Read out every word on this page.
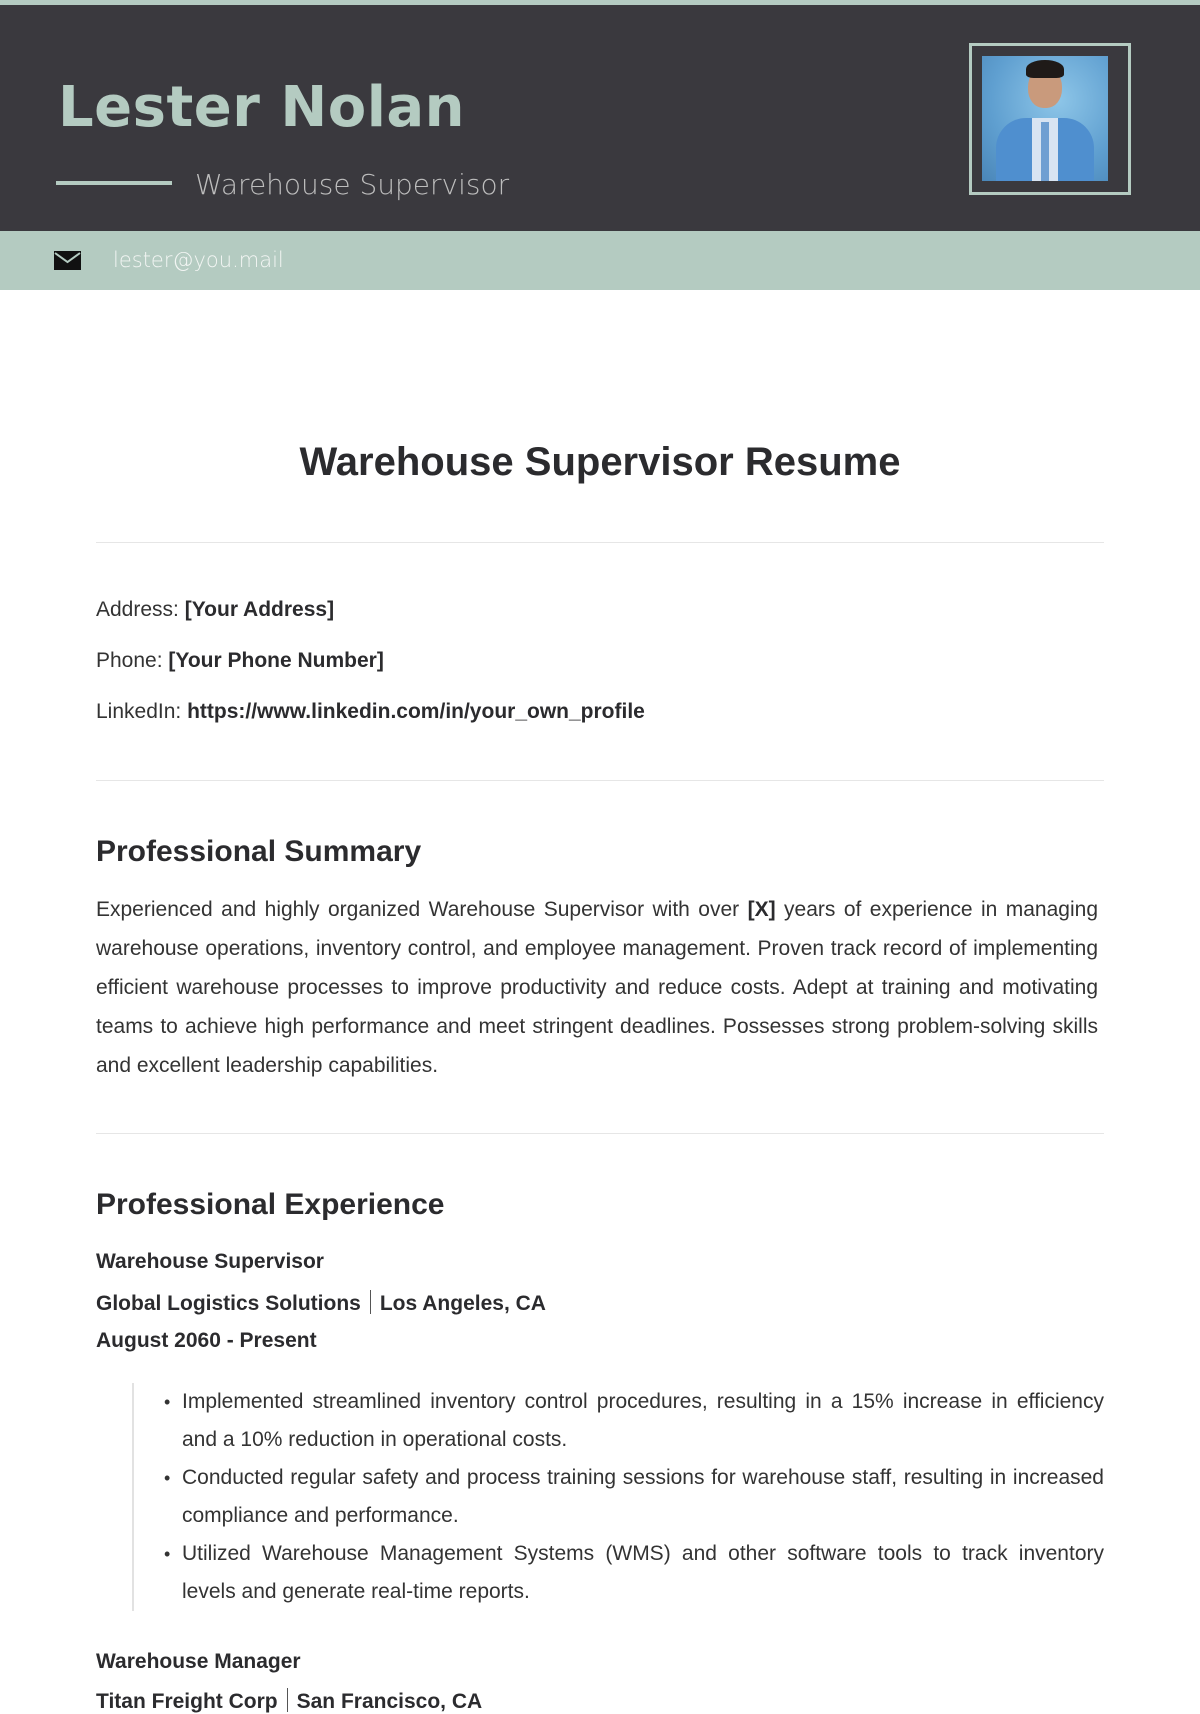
Lester Nolan
Warehouse Supervisor
lester@you.mail
Warehouse Supervisor Resume
Address: [Your Address]
Phone: [Your Phone Number]
LinkedIn: https://www.linkedin.com/in/your_own_profile
Professional Summary

Experienced and highly organized Warehouse Supervisor with over [X] years of experience in managing warehouse operations, inventory control, and employee management. Proven track record of implementing efficient warehouse processes to improve productivity and reduce costs. Adept at training and motivating teams to achieve high performance and meet stringent deadlines. Possesses strong problem-solving skills and excellent leadership capabilities.

Professional Experience
Warehouse Supervisor
Global Logistics Solutions Los Angeles, CA
August 2060 - Present
• Implemented streamlined inventory control procedures, resulting in a 15% increase in efficiency and a 10% reduction in operational costs.
• Conducted regular safety and process training sessions for warehouse staff, resulting in increased compliance and performance.
• Utilized Warehouse Management Systems (WMS) and other software tools to track inventory levels and generate real-time reports.
Warehouse Manager
Titan Freight Corp San Francisco, CA
